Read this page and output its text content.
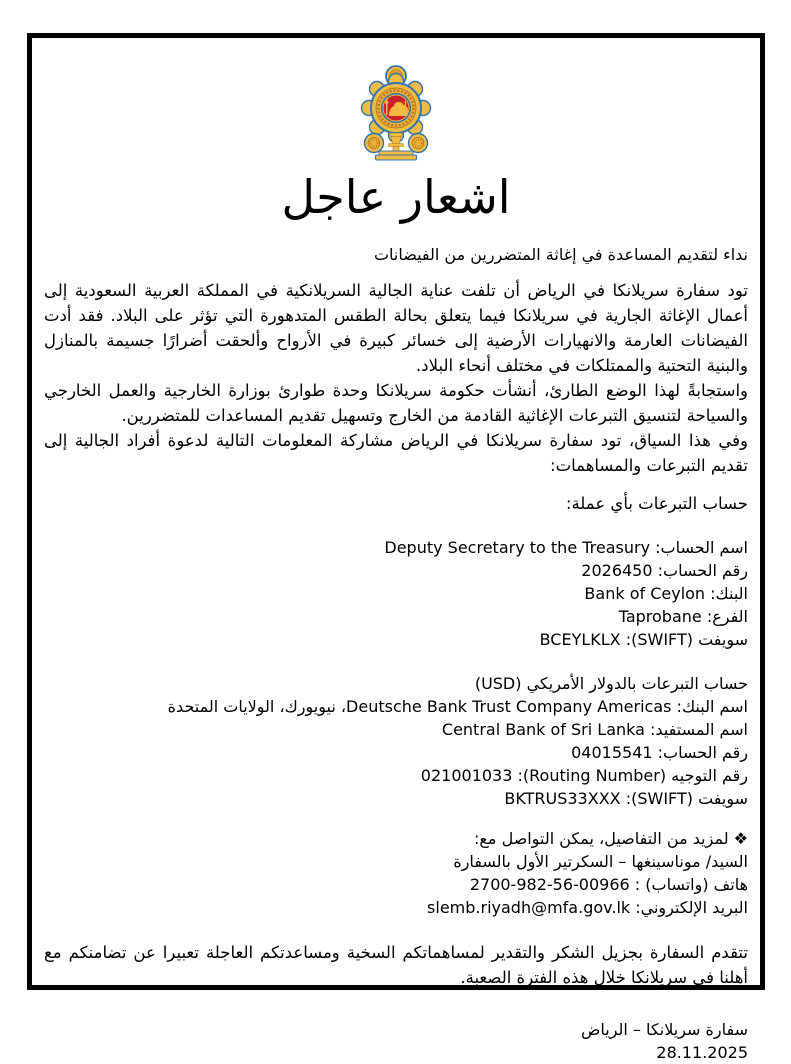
اشعار عاجل
نداء لتقديم المساعدة في إغاثة المتضررين من الفيضانات

تود سفارة سريلانكا في الرياض أن تلفت عناية الجالية السريلانكية في المملكة العربية السعودية إلى أعمال الإغاثة الجارية في سريلانكا فيما يتعلق بحالة الطقس المتدهورة التي تؤثر على البلاد. فقد أدت الفيضانات العارمة والانهيارات الأرضية إلى خسائر كبيرة في الأرواح وألحقت أضرارًا جسيمة بالمنازل والبنية التحتية والممتلكات في مختلف أنحاء البلاد.

واستجابةً لهذا الوضع الطارئ، أنشأت حكومة سريلانكا وحدة طوارئ بوزارة الخارجية والعمل الخارجي والسياحة لتنسيق التبرعات الإغاثية القادمة من الخارج وتسهيل تقديم المساعدات للمتضررين.

وفي هذا السياق، تود سفارة سريلانكا في الرياض مشاركة المعلومات التالية لدعوة أفراد الجالية إلى تقديم التبرعات والمساهمات:

حساب التبرعات بأي عملة:
اسم الحساب: Deputy Secretary to the Treasury
رقم الحساب: 2026450
البنك: Bank of Ceylon
الفرع: Taprobane
سويفت (SWIFT): BCEYLKLX
حساب التبرعات بالدولار الأمريكي (USD)
اسم البنك: Deutsche Bank Trust Company Americas، نيويورك، الولايات المتحدة
اسم المستفيد: Central Bank of Sri Lanka
رقم الحساب: 04015541
رقم التوجيه (Routing Number): 021001033
سويفت (SWIFT): BKTRUS33XXX
❖ لمزيد من التفاصيل، يمكن التواصل مع:
السيد/ موناسينغها – السكرتير الأول بالسفارة
هاتف (واتساب) : 00966-56-982-2700
البريد الإلكتروني: slemb.riyadh@mfa.gov.lk

تتقدم السفارة بجزيل الشكر والتقدير لمساهماتكم السخية ومساعدتكم العاجلة تعبيرا عن تضامنكم مع أهلنا في سريلانكا خلال هذه الفترة الصعبة.

سفارة سريلانكا – الرياض
28.11.2025
